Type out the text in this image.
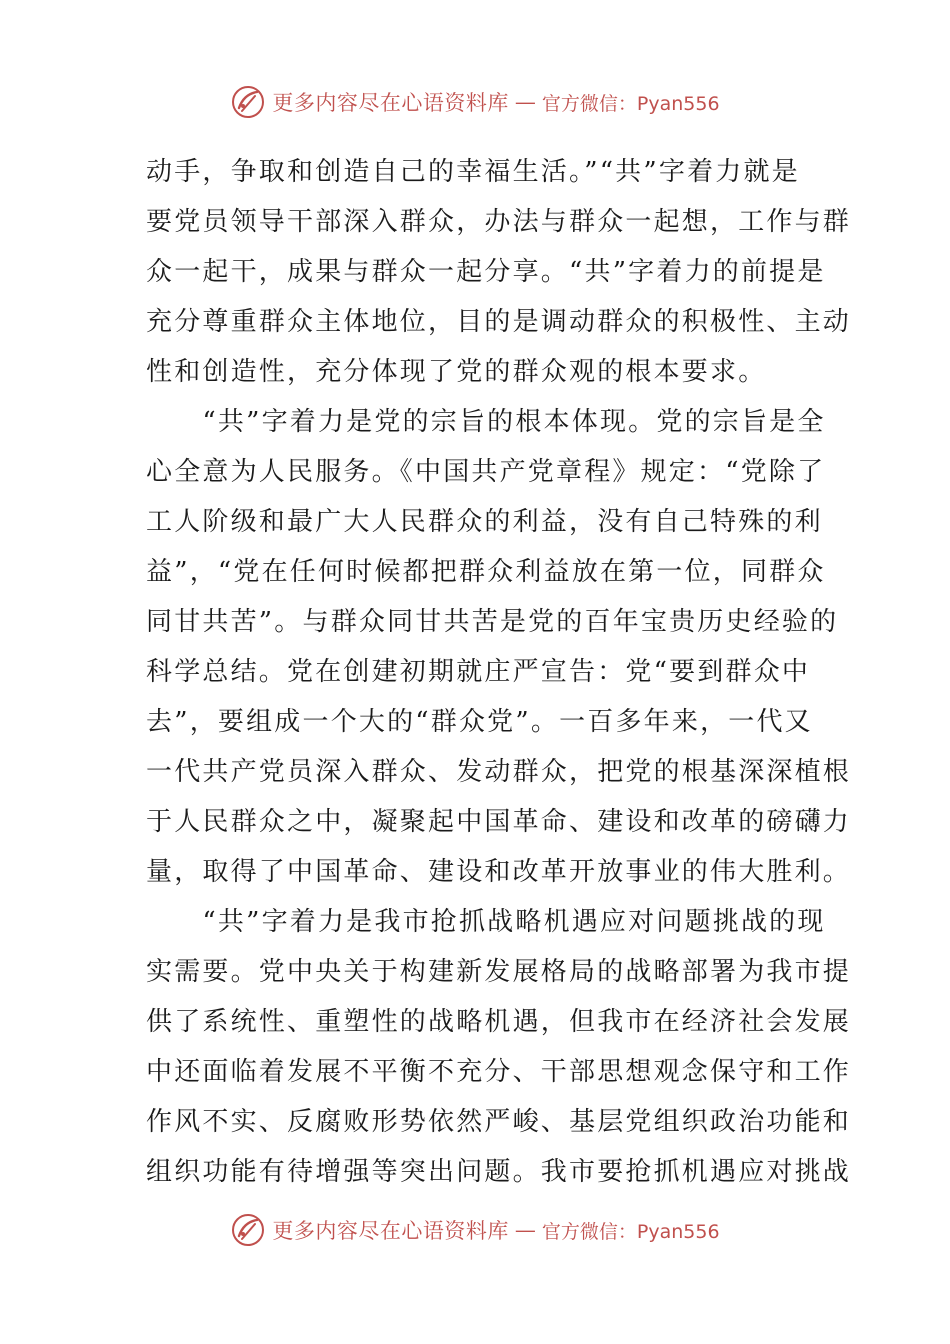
更多内容尽在心语资料库 — 官方微信：Pyan556
动手，争取和创造自己的幸福生活。”“共”字着力就是
要党员领导干部深入群众，办法与群众一起想，工作与群
众一起干，成果与群众一起分享。“共”字着力的前提是
充分尊重群众主体地位，目的是调动群众的积极性、主动
性和创造性，充分体现了党的群众观的根本要求。
　　“共”字着力是党的宗旨的根本体现。党的宗旨是全
心全意为人民服务。《中国共产党章程》规定：“党除了
工人阶级和最广大人民群众的利益，没有自己特殊的利
益”，“党在任何时候都把群众利益放在第一位，同群众
同甘共苦”。与群众同甘共苦是党的百年宝贵历史经验的
科学总结。党在创建初期就庄严宣告：党“要到群众中
去”，要组成一个大的“群众党”。一百多年来，一代又
一代共产党员深入群众、发动群众，把党的根基深深植根
于人民群众之中，凝聚起中国革命、建设和改革的磅礴力
量，取得了中国革命、建设和改革开放事业的伟大胜利。
　　“共”字着力是我市抢抓战略机遇应对问题挑战的现
实需要。党中央关于构建新发展格局的战略部署为我市提
供了系统性、重塑性的战略机遇，但我市在经济社会发展
中还面临着发展不平衡不充分、干部思想观念保守和工作
作风不实、反腐败形势依然严峻、基层党组织政治功能和
组织功能有待增强等突出问题。我市要抢抓机遇应对挑战
更多内容尽在心语资料库 — 官方微信：Pyan556
